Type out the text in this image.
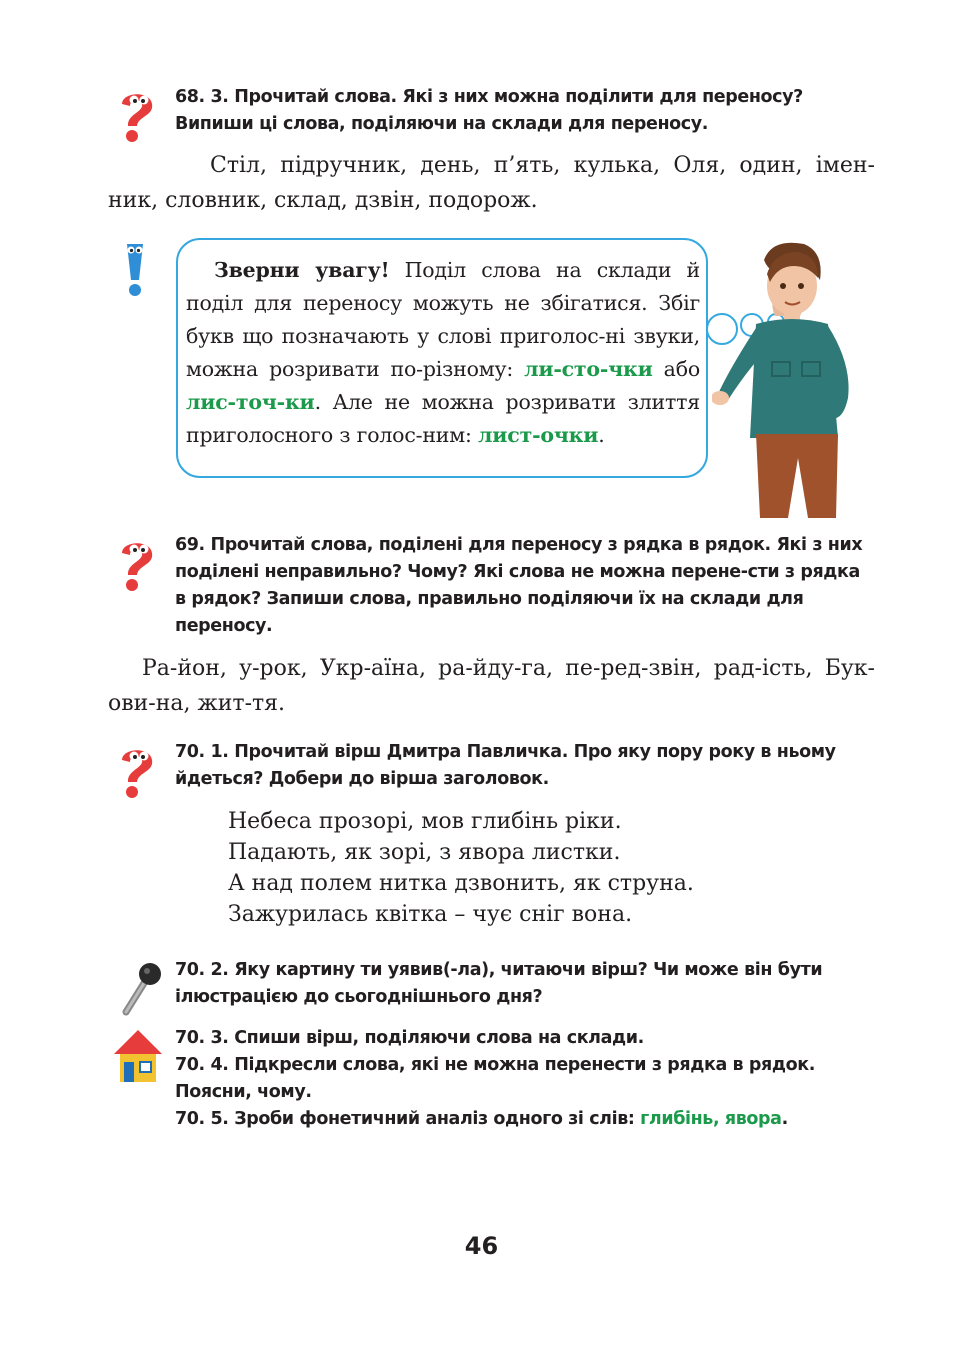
68. 3. Прочитай слова. Які з них можна поділити для переносу? Випиши ці слова, поділяючи на склади для переносу.

Стіл, підручник, день, п’ять, кулька, Оля, один, імен-ник, словник, склад, дзвін, подорож.

Зверни увагу! Поділ слова на склади й поділ для переносу можуть не збігатися. Збіг букв що позначають у слові приголос-ні звуки, можна розривати по-різному: ли-сто-чки або лис-точ-ки. Але не можна розривати злиття приголосного з голос-ним: лист-очки.

69. Прочитай слова, поділені для переносу з рядка в рядок. Які з них поділені неправильно? Чому? Які слова не можна перене-сти з рядка в рядок? Запиши слова, правильно поділяючи їх на склади для переносу.

Ра-йон, у-рок, Укр-аїна, ра-йду-га, пе-ред-звін, рад-ість, Бук-ови-на, жит-тя.

70. 1. Прочитай вірш Дмитра Павличка. Про яку пору року в ньому йдеться? Добери до вірша заголовок.

Небеса прозорі, мов глибінь ріки.
Падають, як зорі, з явора листки.
А над полем нитка дзвонить, як струна.
Зажурилась квітка – чує сніг вона.

70. 2. Яку картину ти уявив(-ла), читаючи вірш? Чи може він бути ілюстрацією до сьогоднішнього дня?

70. 3. Спиши вірш, поділяючи слова на склади.

70. 4. Підкресли слова, які не можна перенести з рядка в рядок. Поясни, чому.

70. 5. Зроби фонетичний аналіз одного зі слів: глибінь, явора.

46
